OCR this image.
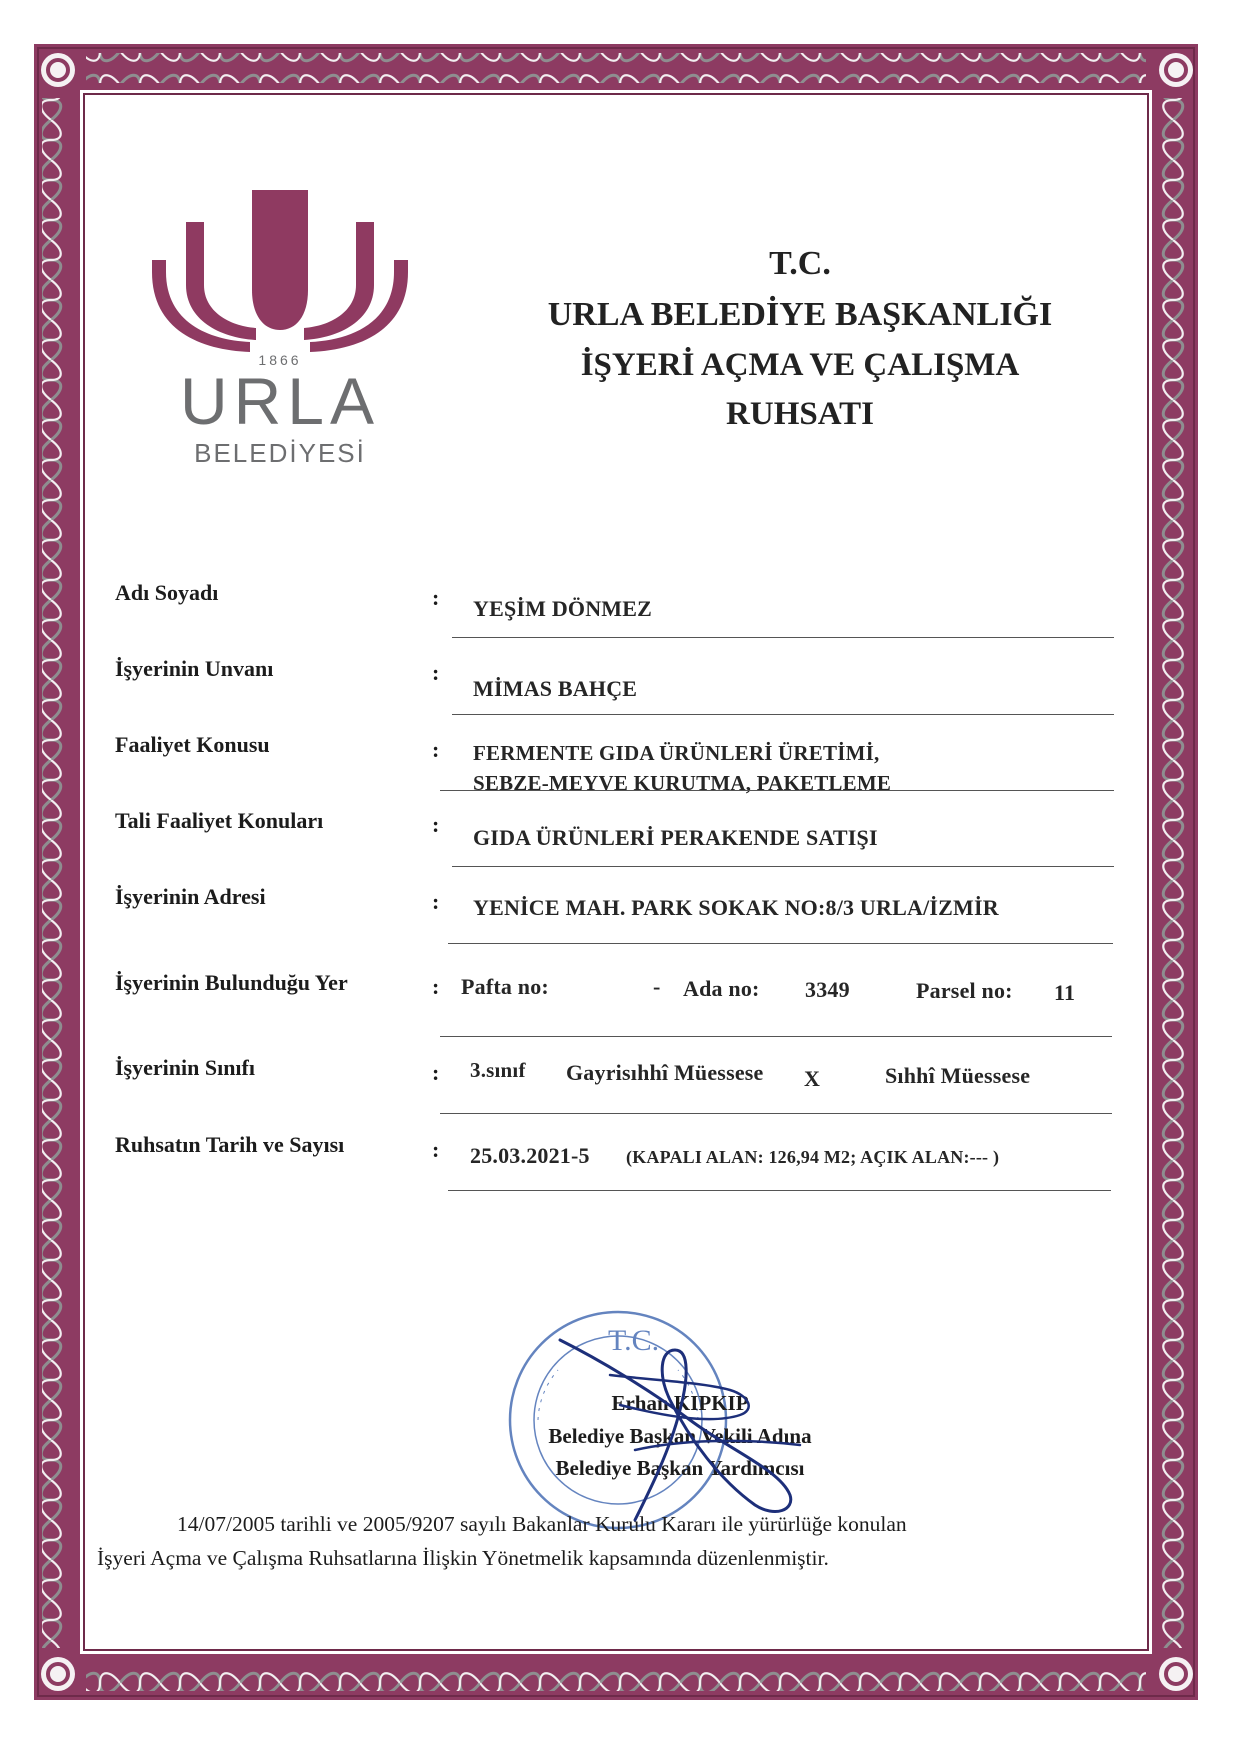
1866
URLA
BELEDİYESİ
T.C.
URLA BELEDİYE BAŞKANLIĞI
İŞYERİ AÇMA VE ÇALIŞMA
RUHSATI
Adı Soyadı	: YEŞİM DÖNMEZ
İşyerinin Unvanı	:
MİMAS BAHÇE
Faaliyet Konusu	: FERMENTE GIDA ÜRÜNLERİ ÜRETİMİ,
SEBZE-MEYVE KURUTMA, PAKETLEME
Tali Faaliyet Konuları	:
GIDA ÜRÜNLERİ PERAKENDE SATIŞI
İşyerinin Adresi	: YENİCE MAH. PARK SOKAK NO:8/3 URLA/İZMİR
İşyerinin Bulunduğu Yer	: Pafta no:	- Ada no: 3349	Parsel no: 11
İşyerinin Sınıfı	: 3.sınıf Gayrisıhhî Müessese X	Sıhhî Müessese
Ruhsatın Tarih ve Sayısı	: 25.03.2021-5 (KAPALI ALAN: 126,94 M2; AÇIK ALAN:--- )
T.C.
Erhan KIPKIP
Belediye Başkan Vekili Adına
Belediye Başkan Yardımcısı
14/07/2005 tarihli ve 2005/9207 sayılı Bakanlar Kurulu Kararı ile yürürlüğe konulan
İşyeri Açma ve Çalışma Ruhsatlarına İlişkin Yönetmelik kapsamında düzenlenmiştir.
